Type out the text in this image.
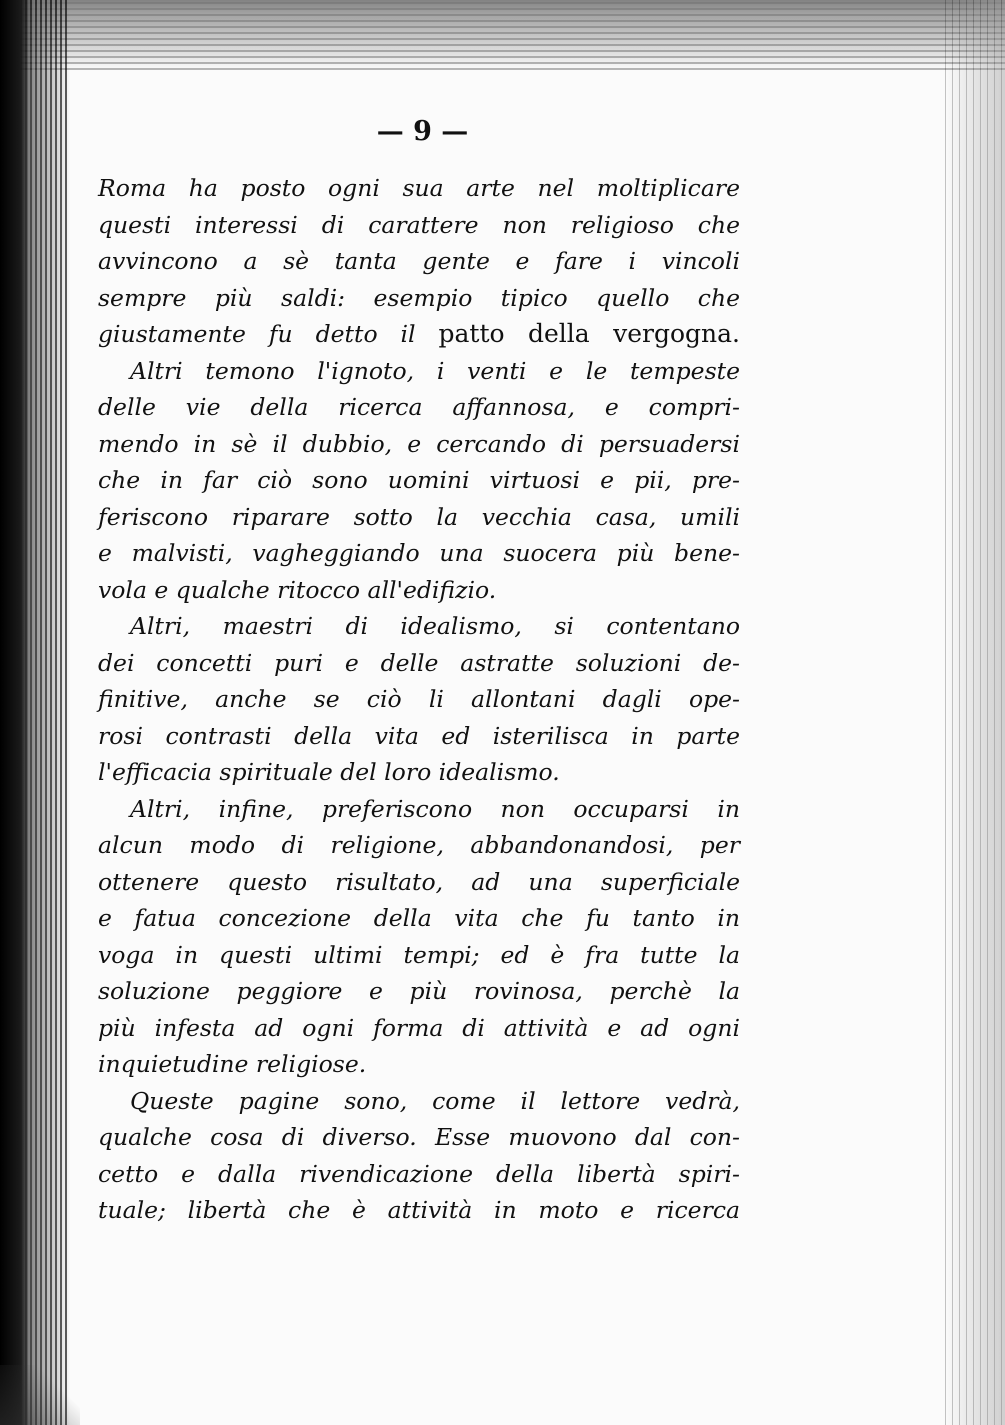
— 9 —
Roma ha posto ogni sua arte nel moltiplicare
questi interessi di carattere non religioso che
avvincono a sè tanta gente e fare i vincoli
sempre più saldi: esempio tipico quello che
giustamente fu detto il patto della vergogna.
Altri temono l'ignoto, i venti e le tempeste
delle vie della ricerca affannosa, e compri-
mendo in sè il dubbio, e cercando di persuadersi
che in far ciò sono uomini virtuosi e pii, pre-
feriscono riparare sotto la vecchia casa, umili
e malvisti, vagheggiando una suocera più bene-
vola e qualche ritocco all'edifizio.
Altri, maestri di idealismo, si contentano
dei concetti puri e delle astratte soluzioni de-
finitive, anche se ciò li allontani dagli ope-
rosi contrasti della vita ed isterilisca in parte
l'efficacia spirituale del loro idealismo.
Altri, infine, preferiscono non occuparsi in
alcun modo di religione, abbandonandosi, per
ottenere questo risultato, ad una superficiale
e fatua concezione della vita che fu tanto in
voga in questi ultimi tempi; ed è fra tutte la
soluzione peggiore e più rovinosa, perchè la
più infesta ad ogni forma di attività e ad ogni
inquietudine religiose.
Queste pagine sono, come il lettore vedrà,
qualche cosa di diverso. Esse muovono dal con-
cetto e dalla rivendicazione della libertà spiri-
tuale; libertà che è attività in moto e ricerca
